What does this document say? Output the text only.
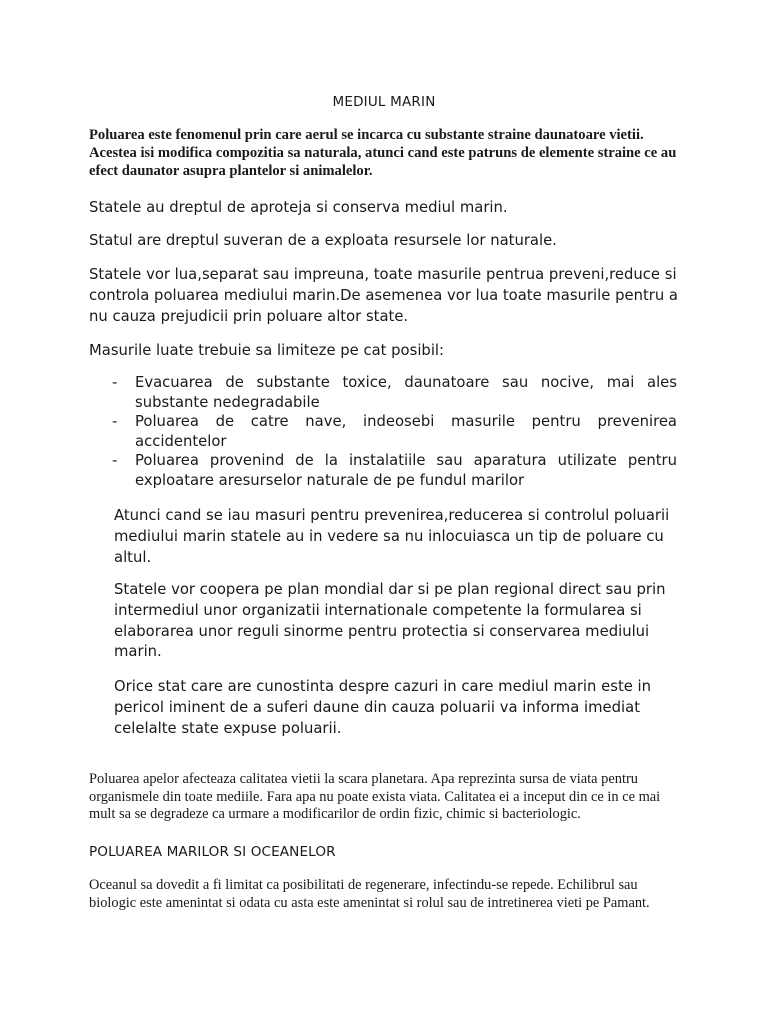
MEDIUL MARIN
Poluarea este fenomenul prin care aerul se incarca cu substante straine daunatoare vietii. Acestea isi modifica compozitia sa naturala, atunci cand este patruns de elemente straine ce au efect daunator asupra plantelor si animalelor.
Statele au dreptul de aproteja si conserva mediul marin.
Statul are dreptul suveran de a exploata resursele lor naturale.
Statele vor lua,separat sau impreuna, toate masurile pentrua preveni,reduce si controla poluarea mediului marin.De asemenea vor lua toate masurile pentru a nu cauza prejudicii prin poluare altor state.
Masurile luate trebuie sa limiteze pe cat posibil:
- Evacuarea de substante toxice, daunatoare sau nocive, mai ales substante nedegradabile
- Poluarea de catre nave, indeosebi masurile pentru prevenirea accidentelor
- Poluarea provenind de la instalatiile sau aparatura utilizate pentru exploatare aresurselor naturale de pe fundul marilor
Atunci cand se iau masuri pentru prevenirea,reducerea si controlul poluarii mediului marin statele au in vedere sa nu inlocuiasca un tip de poluare cu altul.
Statele vor coopera pe plan mondial dar si pe plan regional direct sau prin intermediul unor organizatii internationale competente la formularea si elaborarea unor reguli sinorme pentru protectia si conservarea mediului marin.
Orice stat care are cunostinta despre cazuri in care mediul marin este in pericol iminent de a suferi daune din cauza poluarii va informa imediat celelalte state expuse poluarii.
Poluarea apelor afecteaza calitatea vietii la scara planetara. Apa reprezinta sursa de viata pentru organismele din toate mediile. Fara apa nu poate exista viata. Calitatea ei a inceput din ce in ce mai mult sa se degradeze ca urmare a modificarilor de ordin fizic, chimic si bacteriologic.
POLUAREA MARILOR SI OCEANELOR
Oceanul sa dovedit a fi limitat ca posibilitati de regenerare, infectindu-se repede. Echilibrul sau biologic este amenintat si odata cu asta este amenintat si rolul sau de intretinerea vieti pe Pamant.
